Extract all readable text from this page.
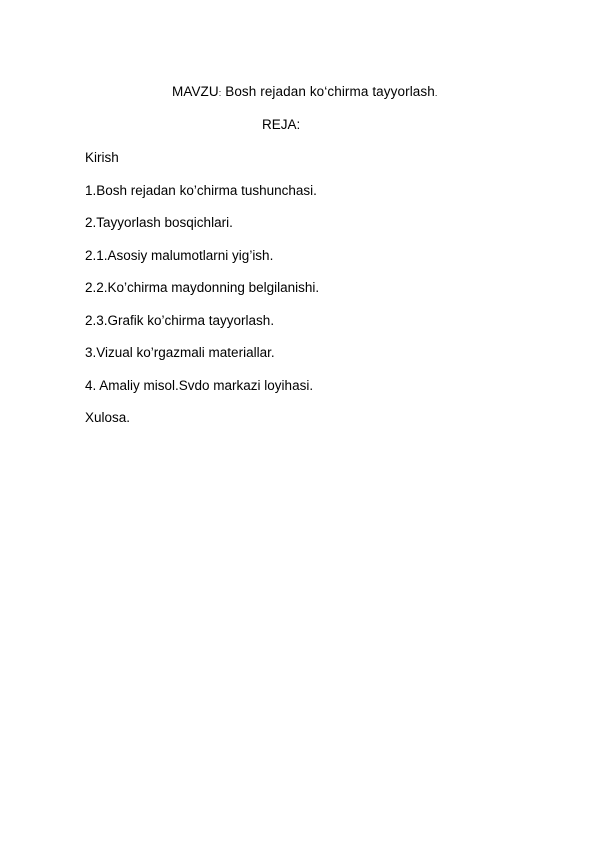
MAVZU: Bosh rejadan ko‘chirma tayyorlash.
REJA:
Kirish
1.Bosh rejadan ko’chirma tushunchasi.
2.Tayyorlash bosqichlari.
2.1.Asosiy malumotlarni yig’ish.
2.2.Ko’chirma maydonning belgilanishi.
2.3.Grafik ko’chirma tayyorlash.
3.Vizual ko’rgazmali materiallar.
4. Amaliy misol.Svdo markazi loyihasi.
Xulosa.
